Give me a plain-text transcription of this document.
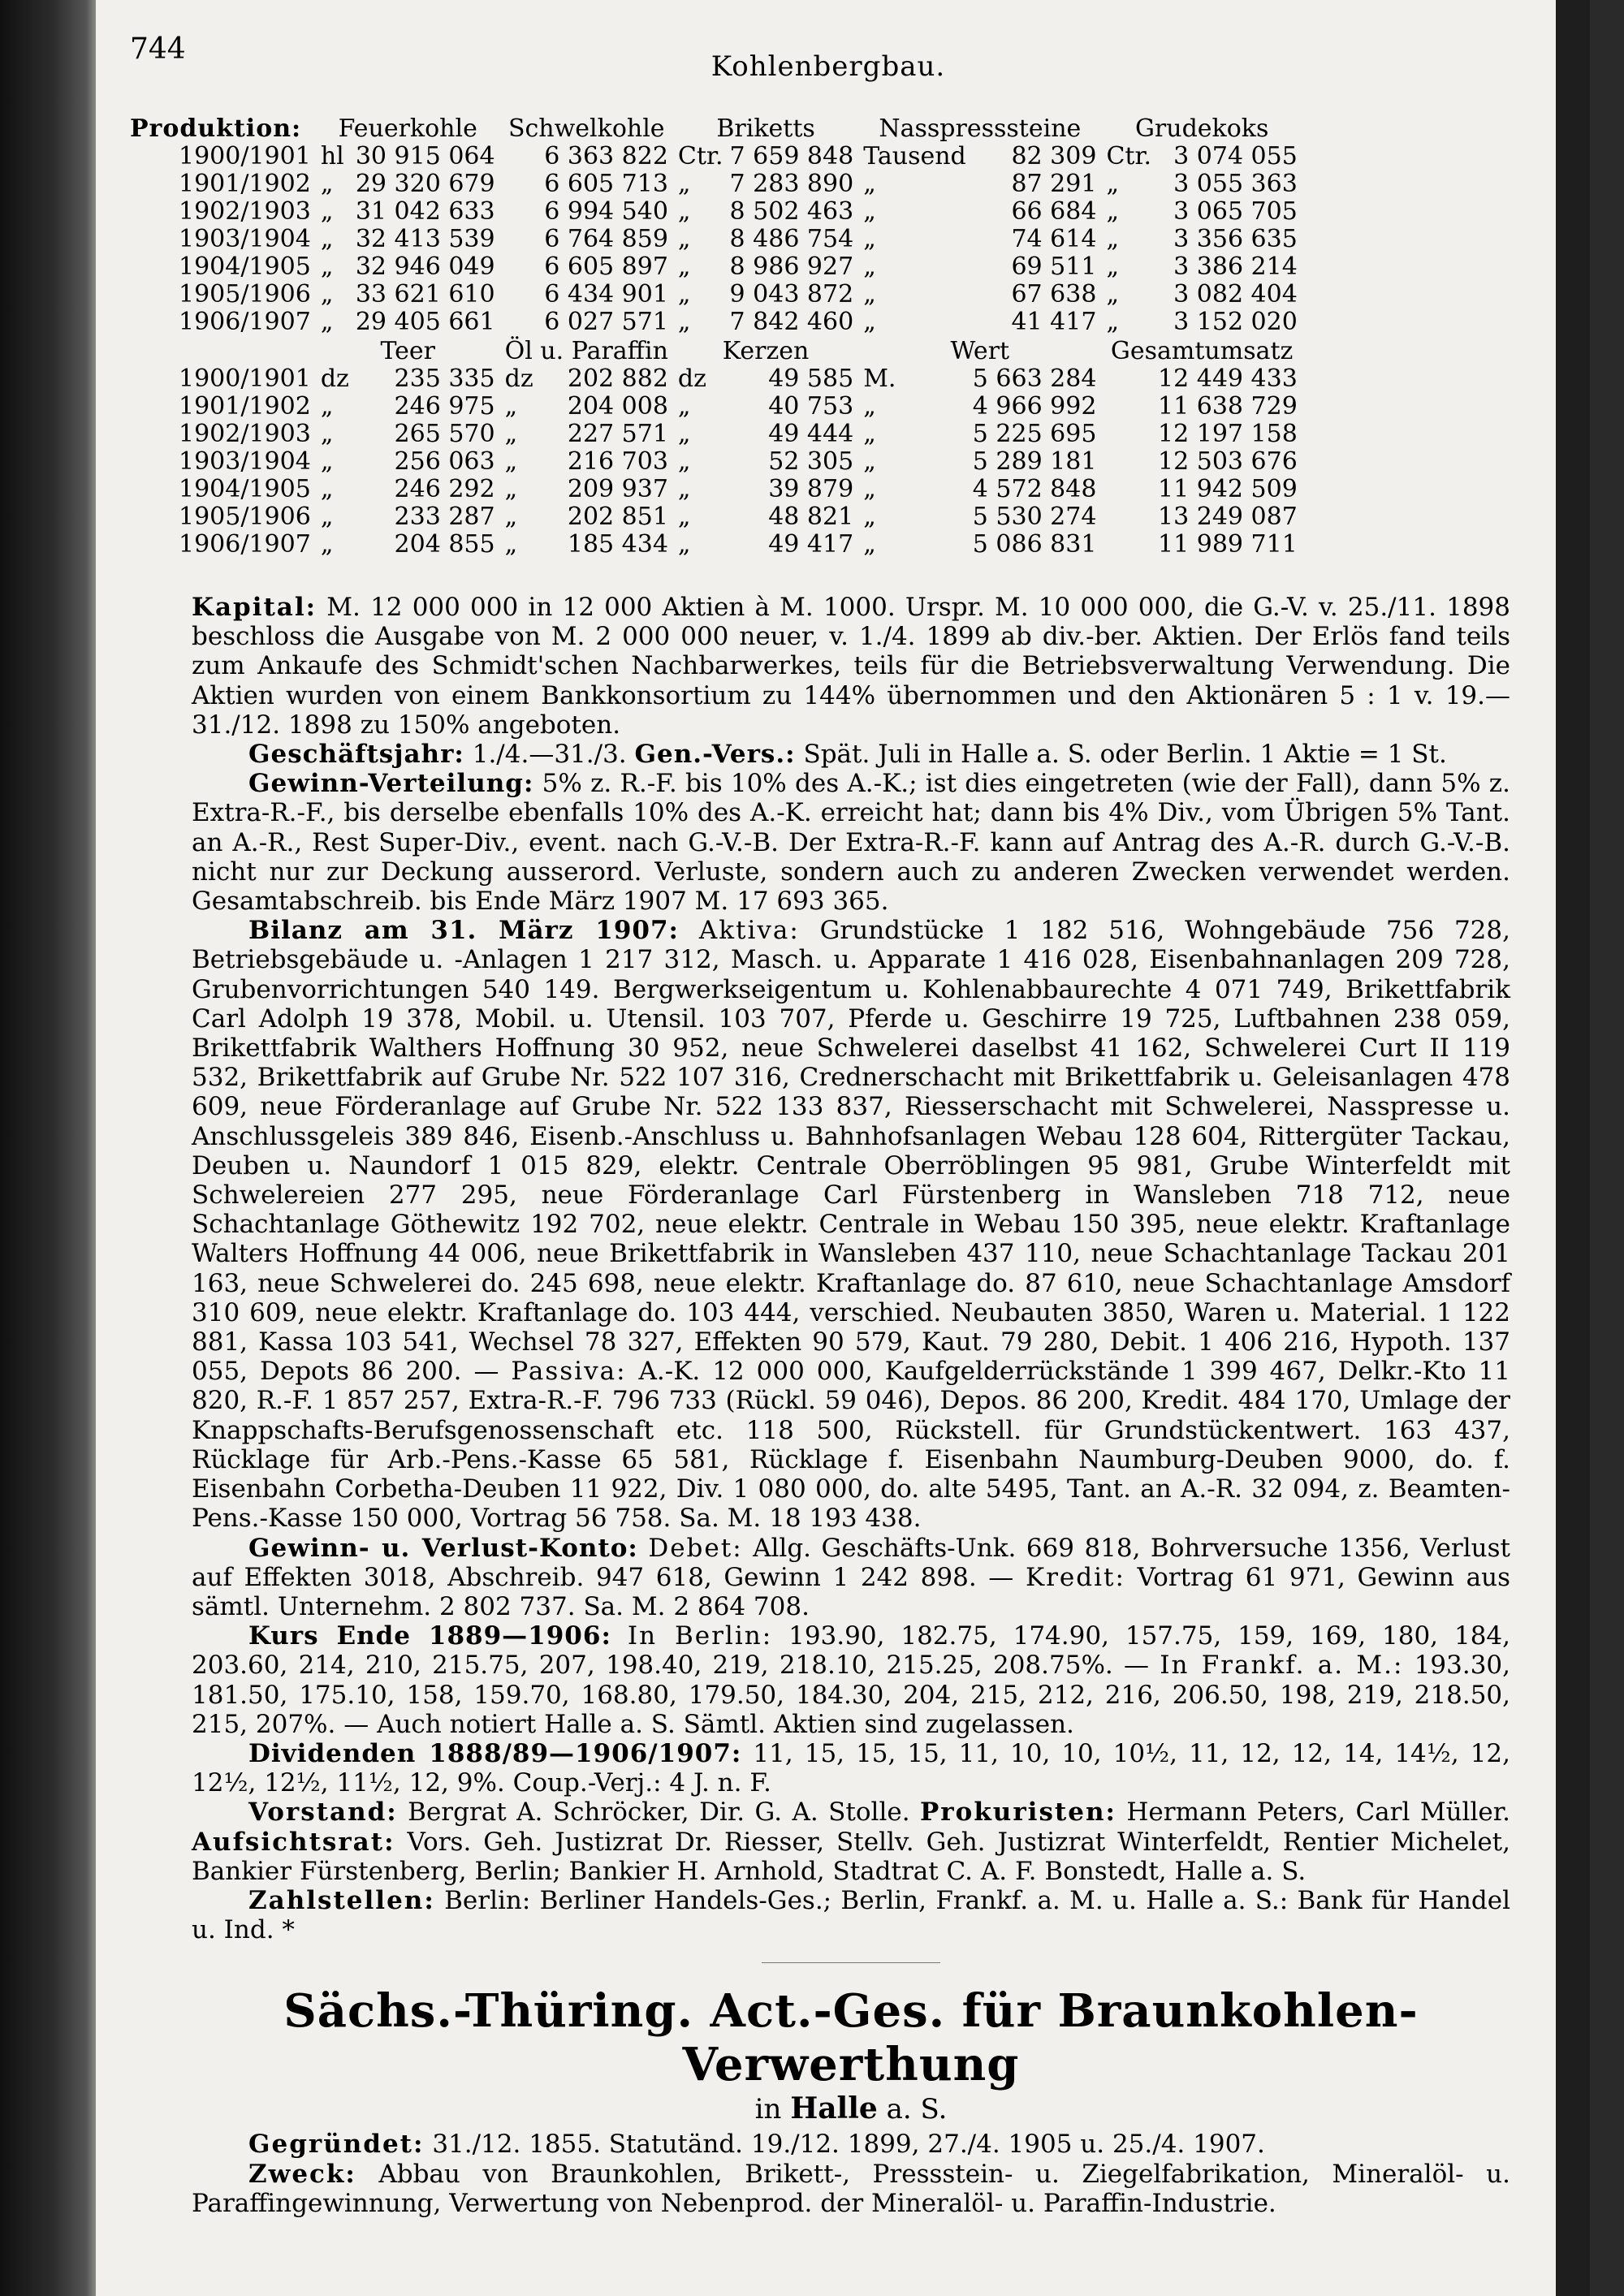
744
Kohlenbergbau.
Produktion:	Feuerkohle		Schwelkohle		Briketts		Nasspresssteine		Grudekoks	
1900/1901	hl	30 915 064		6 363 822	Ctr.	7 659 848	Tausend	82 309	Ctr.	3 074 055
1901/1902	„	29 320 679		6 605 713	„	7 283 890	„	87 291	„	3 055 363
1902/1903	„	31 042 633		6 994 540	„	8 502 463	„	66 684	„	3 065 705
1903/1904	„	32 413 539		6 764 859	„	8 486 754	„	74 614	„	3 356 635
1904/1905	„	32 946 049		6 605 897	„	8 986 927	„	69 511	„	3 386 214
1905/1906	„	33 621 610		6 434 901	„	9 043 872	„	67 638	„	3 082 404
1906/1907	„	29 405 661		6 027 571	„	7 842 460	„	41 417	„	3 152 020
	Teer		Öl u. Paraffin		Kerzen		Wert		Gesamtumsatz	
1900/1901	dz	235 335	dz	202 882	dz	49 585	M.	5 663 284		12 449 433
1901/1902	„	246 975	„	204 008	„	40 753	„	4 966 992		11 638 729
1902/1903	„	265 570	„	227 571	„	49 444	„	5 225 695		12 197 158
1903/1904	„	256 063	„	216 703	„	52 305	„	5 289 181		12 503 676
1904/1905	„	246 292	„	209 937	„	39 879	„	4 572 848		11 942 509
1905/1906	„	233 287	„	202 851	„	48 821	„	5 530 274		13 249 087
1906/1907	„	204 855	„	185 434	„	49 417	„	5 086 831		11 989 711

Kapital: M. 12 000 000 in 12 000 Aktien à M. 1000. Urspr. M. 10 000 000, die G.-V. v. 25./11. 1898 beschloss die Ausgabe von M. 2 000 000 neuer, v. 1./4. 1899 ab div.-ber. Aktien. Der Erlös fand teils zum Ankaufe des Schmidt'schen Nachbarwerkes, teils für die Betriebsverwaltung Verwendung. Die Aktien wurden von einem Bankkonsortium zu 144% übernommen und den Aktionären 5 : 1 v. 19.—31./12. 1898 zu 150% angeboten.

Geschäftsjahr: 1./4.—31./3. Gen.-Vers.: Spät. Juli in Halle a. S. oder Berlin. 1 Aktie = 1 St.

Gewinn-Verteilung: 5% z. R.-F. bis 10% des A.-K.; ist dies eingetreten (wie der Fall), dann 5% z. Extra-R.-F., bis derselbe ebenfalls 10% des A.-K. erreicht hat; dann bis 4% Div., vom Übrigen 5% Tant. an A.-R., Rest Super-Div., event. nach G.-V.-B. Der Extra-R.-F. kann auf Antrag des A.-R. durch G.-V.-B. nicht nur zur Deckung ausserord. Verluste, sondern auch zu anderen Zwecken verwendet werden. Gesamtabschreib. bis Ende März 1907 M. 17 693 365.

Bilanz am 31. März 1907: Aktiva: Grundstücke 1 182 516, Wohngebäude 756 728, Betriebsgebäude u. -Anlagen 1 217 312, Masch. u. Apparate 1 416 028, Eisenbahnanlagen 209 728, Grubenvorrichtungen 540 149. Bergwerkseigentum u. Kohlenabbaurechte 4 071 749, Brikettfabrik Carl Adolph 19 378, Mobil. u. Utensil. 103 707, Pferde u. Geschirre 19 725, Luftbahnen 238 059, Brikettfabrik Walthers Hoffnung 30 952, neue Schwelerei daselbst 41 162, Schwelerei Curt II 119 532, Brikettfabrik auf Grube Nr. 522 107 316, Crednerschacht mit Brikettfabrik u. Geleisanlagen 478 609, neue Förderanlage auf Grube Nr. 522 133 837, Riesserschacht mit Schwelerei, Nasspresse u. Anschlussgeleis 389 846, Eisenb.-Anschluss u. Bahnhofsanlagen Webau 128 604, Rittergüter Tackau, Deuben u. Naundorf 1 015 829, elektr. Centrale Oberröblingen 95 981, Grube Winterfeldt mit Schwelereien 277 295, neue Förderanlage Carl Fürstenberg in Wansleben 718 712, neue Schachtanlage Göthewitz 192 702, neue elektr. Centrale in Webau 150 395, neue elektr. Kraftanlage Walters Hoffnung 44 006, neue Brikettfabrik in Wansleben 437 110, neue Schachtanlage Tackau 201 163, neue Schwelerei do. 245 698, neue elektr. Kraftanlage do. 87 610, neue Schachtanlage Amsdorf 310 609, neue elektr. Kraftanlage do. 103 444, verschied. Neubauten 3850, Waren u. Material. 1 122 881, Kassa 103 541, Wechsel 78 327, Effekten 90 579, Kaut. 79 280, Debit. 1 406 216, Hypoth. 137 055, Depots 86 200. — Passiva: A.-K. 12 000 000, Kaufgelderrückstände 1 399 467, Delkr.-Kto 11 820, R.-F. 1 857 257, Extra-R.-F. 796 733 (Rückl. 59 046), Depos. 86 200, Kredit. 484 170, Umlage der Knappschafts-Berufsgenossenschaft etc. 118 500, Rückstell. für Grundstückentwert. 163 437, Rücklage für Arb.-Pens.-Kasse 65 581, Rücklage f. Eisenbahn Naumburg-Deuben 9000, do. f. Eisenbahn Corbetha-Deuben 11 922, Div. 1 080 000, do. alte 5495, Tant. an A.-R. 32 094, z. Beamten-Pens.-Kasse 150 000, Vortrag 56 758. Sa. M. 18 193 438.

Gewinn- u. Verlust-Konto: Debet: Allg. Geschäfts-Unk. 669 818, Bohrversuche 1356, Verlust auf Effekten 3018, Abschreib. 947 618, Gewinn 1 242 898. — Kredit: Vortrag 61 971, Gewinn aus sämtl. Unternehm. 2 802 737. Sa. M. 2 864 708.

Kurs Ende 1889—1906: In Berlin: 193.90, 182.75, 174.90, 157.75, 159, 169, 180, 184, 203.60, 214, 210, 215.75, 207, 198.40, 219, 218.10, 215.25, 208.75%. — In Frankf. a. M.: 193.30, 181.50, 175.10, 158, 159.70, 168.80, 179.50, 184.30, 204, 215, 212, 216, 206.50, 198, 219, 218.50, 215, 207%. — Auch notiert Halle a. S. Sämtl. Aktien sind zugelassen.

Dividenden 1888/89—1906/1907: 11, 15, 15, 15, 11, 10, 10, 10½, 11, 12, 12, 14, 14½, 12, 12½, 12½, 11½, 12, 9%. Coup.-Verj.: 4 J. n. F.

Vorstand: Bergrat A. Schröcker, Dir. G. A. Stolle. Prokuristen: Hermann Peters, Carl Müller. Aufsichtsrat: Vors. Geh. Justizrat Dr. Riesser, Stellv. Geh. Justizrat Winterfeldt, Rentier Michelet, Bankier Fürstenberg, Berlin; Bankier H. Arnhold, Stadtrat C. A. F. Bonstedt, Halle a. S.

Zahlstellen: Berlin: Berliner Handels-Ges.; Berlin, Frankf. a. M. u. Halle a. S.: Bank für Handel u. Ind. *

Sächs.-Thüring. Act.-Ges. für Braunkohlen-Verwerthung
in Halle a. S.

Gegründet: 31./12. 1855. Statutänd. 19./12. 1899, 27./4. 1905 u. 25./4. 1907.

Zweck: Abbau von Braunkohlen, Brikett-, Pressstein- u. Ziegelfabrikation, Mineralöl- u. Paraffingewinnung, Verwertung von Nebenprod. der Mineralöl- u. Paraffin-Industrie.
